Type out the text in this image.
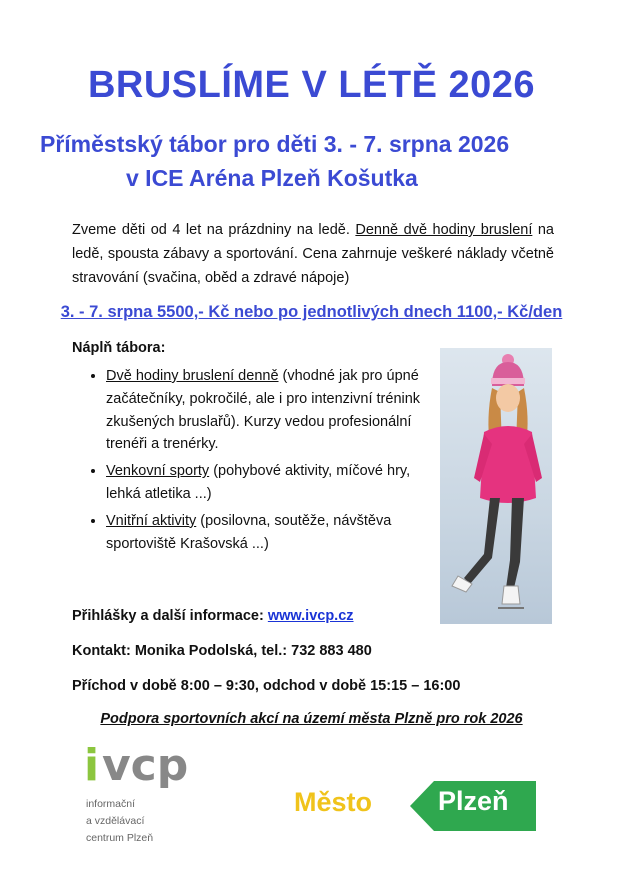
BRUSLÍME V LÉTĚ 2026
Příměstský tábor pro děti 3. - 7. srpna 2026
v ICE Aréna Plzeň Košutka
Zveme děti od 4 let na prázdniny na ledě. Denně dvě hodiny bruslení na ledě, spousta zábavy a sportování. Cena zahrnuje veškeré náklady včetně stravování (svačina, oběd a zdravé nápoje)
3. - 7. srpna 5500,- Kč nebo po jednotlivých dnech 1100,- Kč/den
Náplň tábora:
• Dvě hodiny bruslení denně (vhodné jak pro úpné začátečníky, pokročilé, ale i pro intenzivní trénink zkušených bruslařů). Kurzy vedou profesionální trenéři a trenérky.
• Venkovní sporty (pohybové aktivity, míčové hry, lehká atletika ...)
• Vnitřní aktivity (posilovna, soutěže, návštěva sportoviště Krašovská ...)
Přihlášky a další informace: www.ivcp.cz
Kontakt: Monika Podolská, tel.: 732 883 480
Příchod v době 8:00 – 9:30, odchod v době 15:15 – 16:00
Podpora sportovních akcí na území města Plzně pro rok 2026
i vcp
informační
a vzdělávací
centrum Plzeň
Město Plzeň
